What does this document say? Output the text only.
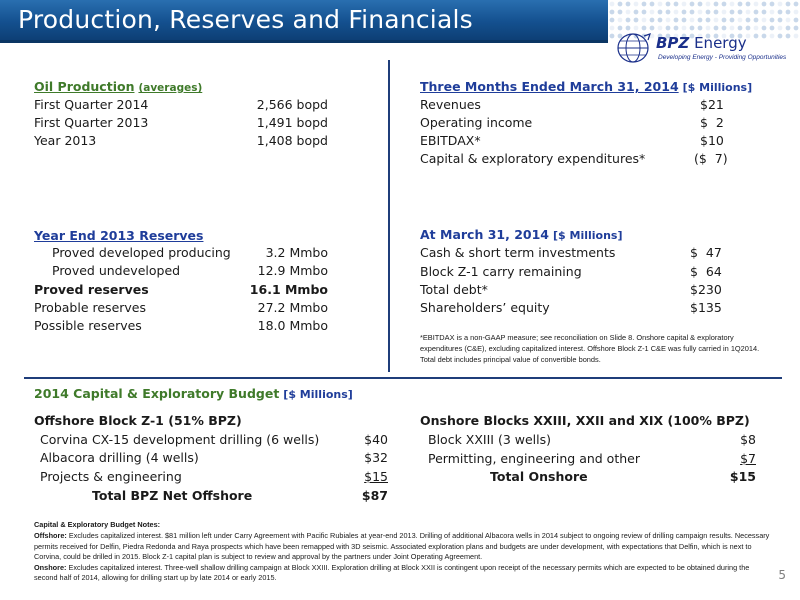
Production, Reserves and Financials
BPZ Energy
Developing Energy - Providing Opportunities
Oil Production (averages)
First Quarter 2014	2,566 bopd
First Quarter 2013	1,491 bopd
Year 2013	1,408 bopd
Three Months Ended March 31, 2014 [$ Millions]
Revenues	$21
Operating income	$  2
EBITDAX*	$10
Capital & exploratory expenditures*	($  7)
Year End 2013 Reserves
Proved developed producing	3.2 Mmbo
Proved undeveloped	12.9 Mmbo
Proved reserves	16.1 Mmbo
Probable reserves	27.2 Mmbo
Possible reserves	18.0 Mmbo
At March 31, 2014 [$ Millions]
Cash & short term investments	$  47
Block Z-1 carry remaining	$  64
Total debt*	$230
Shareholders’ equity	$135
*EBITDAX is a non-GAAP measure; see reconciliation on Slide 8. Onshore capital & exploratory expenditures (C&E), excluding capitalized interest. Offshore Block Z-1 C&E was fully carried in 1Q2014. Total debt includes principal value of convertible bonds.
2014 Capital & Exploratory Budget [$ Millions]
Offshore Block Z-1 (51% BPZ)
Corvina CX-15 development drilling (6 wells)	$40
Albacora drilling (4 wells)	$32
Projects & engineering	$15
Total BPZ Net Offshore	$87
Onshore Blocks XXIII, XXII and XIX (100% BPZ)
Block XXIII (3 wells)	$8
Permitting, engineering and other	$7
Total Onshore	$15

Capital & Exploratory Budget Notes:

Offshore: Excludes capitalized interest. $81 million left under Carry Agreement with Pacific Rubiales at year-end 2013. Drilling of additional Albacora wells in 2014 subject to ongoing review of drilling campaign results. Necessary permits received for Delfin, Piedra Redonda and Raya prospects which have been remapped with 3D seismic. Associated exploration plans and budgets are under development, with expectations that Delfin, which is next to Corvina, could be drilled in 2015. Block Z-1 capital plan is subject to review and approval by the partners under Joint Operating Agreement.

Onshore: Excludes capitalized interest. Three-well shallow drilling campaign at Block XXIII. Exploration drilling at Block XXII is contingent upon receipt of the necessary permits which are expected to be obtained during the second half of 2014, allowing for drilling start up by late 2014 or early 2015.	5
